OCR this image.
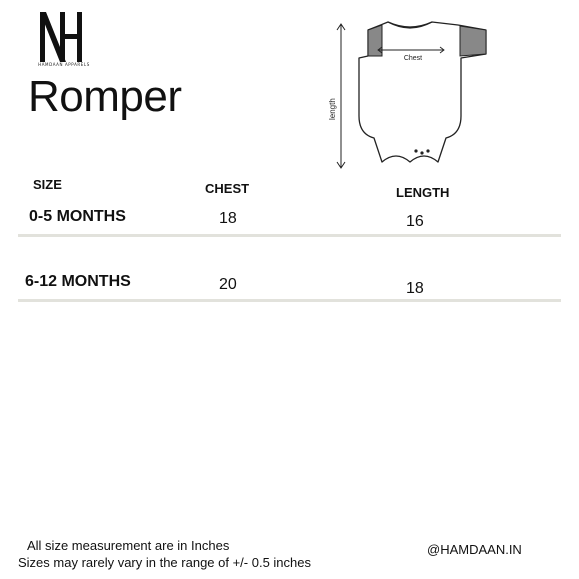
HAMDAAN APPARELS
Romper	length
Chest
SIZE	CHEST	LENGTH
0-5 MONTHS	18	16
6-12 MONTHS	20	18
All size measurement are in Inches
Sizes may rarely vary in the range of +/- 0.5 inches
@HAMDAAN.IN
